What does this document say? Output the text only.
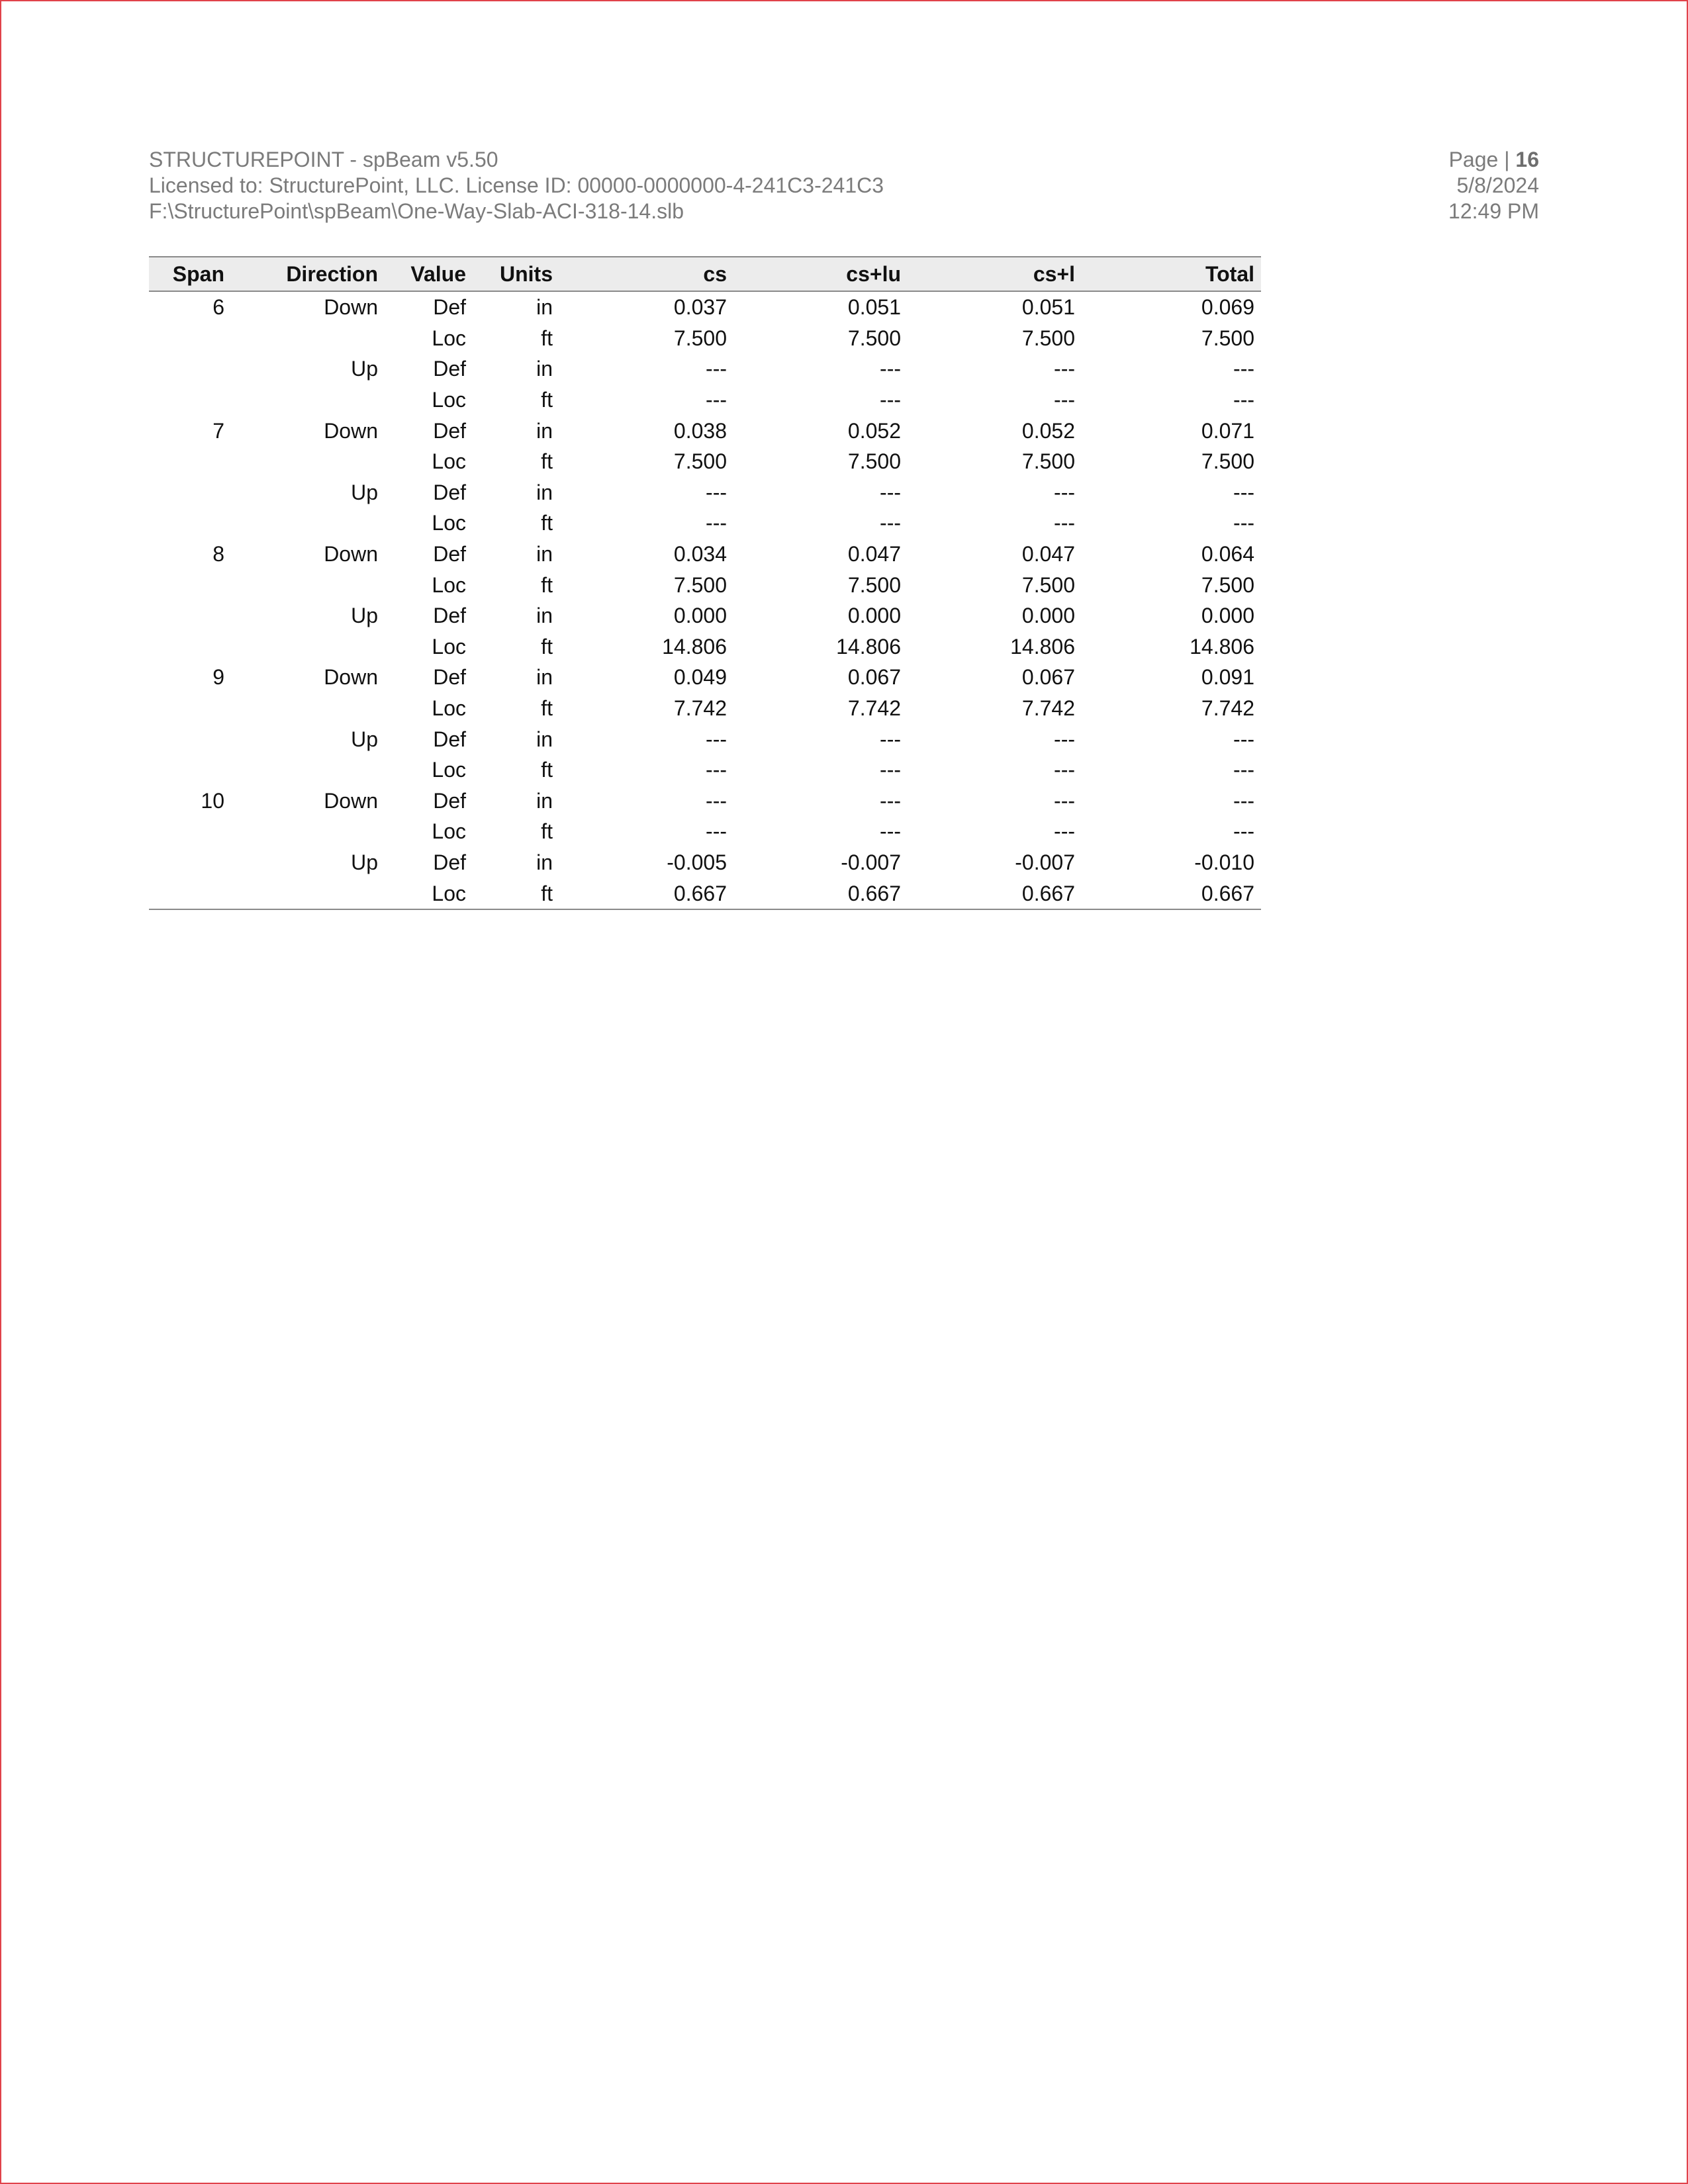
STRUCTUREPOINT - spBeam v5.50
Licensed to: StructurePoint, LLC. License ID: 00000-0000000-4-241C3-241C3
F:\StructurePoint\spBeam\One-Way-Slab-ACI-318-14.slb
Page | 16
5/8/2024
12:49 PM
Span	Direction	Value	Units	cs	cs+lu	cs+l	Total
6	Down	Def	in	0.037	0.051	0.051	0.069
		Loc	ft	7.500	7.500	7.500	7.500
	Up	Def	in	---	---	---	---
		Loc	ft	---	---	---	---
7	Down	Def	in	0.038	0.052	0.052	0.071
		Loc	ft	7.500	7.500	7.500	7.500
	Up	Def	in	---	---	---	---
		Loc	ft	---	---	---	---
8	Down	Def	in	0.034	0.047	0.047	0.064
		Loc	ft	7.500	7.500	7.500	7.500
	Up	Def	in	0.000	0.000	0.000	0.000
		Loc	ft	14.806	14.806	14.806	14.806
9	Down	Def	in	0.049	0.067	0.067	0.091
		Loc	ft	7.742	7.742	7.742	7.742
	Up	Def	in	---	---	---	---
		Loc	ft	---	---	---	---
10	Down	Def	in	---	---	---	---
		Loc	ft	---	---	---	---
	Up	Def	in	-0.005	-0.007	-0.007	-0.010
		Loc	ft	0.667	0.667	0.667	0.667
